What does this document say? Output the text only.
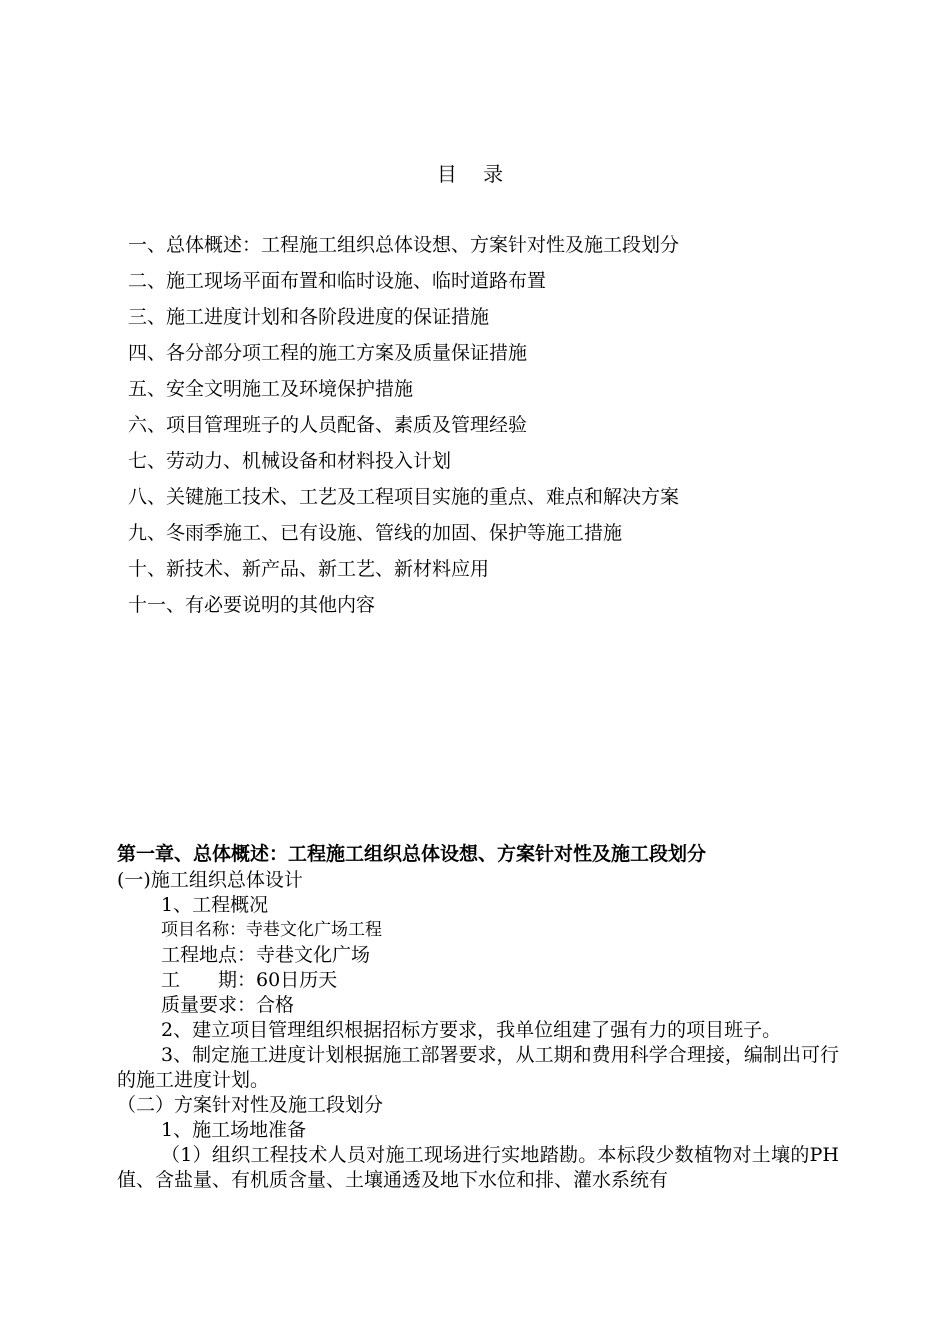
目 录
一、总体概述：工程施工组织总体设想、方案针对性及施工段划分
二、施工现场平面布置和临时设施、临时道路布置
三、施工进度计划和各阶段进度的保证措施
四、各分部分项工程的施工方案及质量保证措施
五、安全文明施工及环境保护措施
六、项目管理班子的人员配备、素质及管理经验
七、劳动力、机械设备和材料投入计划
八、关键施工技术、工艺及工程项目实施的重点、难点和解决方案
九、冬雨季施工、已有设施、管线的加固、保护等施工措施
十、新技术、新产品、新工艺、新材料应用
十一、有必要说明的其他内容
第一章、总体概述：工程施工组织总体设想、方案针对性及施工段划分
(一)施工组织总体设计
1、工程概况
项目名称：寺巷文化广场工程
工程地点：寺巷文化广场
工　　期：60日历天
质量要求：合格
2、建立项目管理组织根据招标方要求，我单位组建了强有力的项目班子。
3、制定施工进度计划根据施工部署要求，从工期和费用科学合理接，编制出可行的施工进度计划。
（二）方案针对性及施工段划分
1、施工场地准备
（1）组织工程技术人员对施工现场进行实地踏勘。本标段少数植物对土壤的PH值、含盐量、有机质含量、土壤通透及地下水位和排、灌水系统有
